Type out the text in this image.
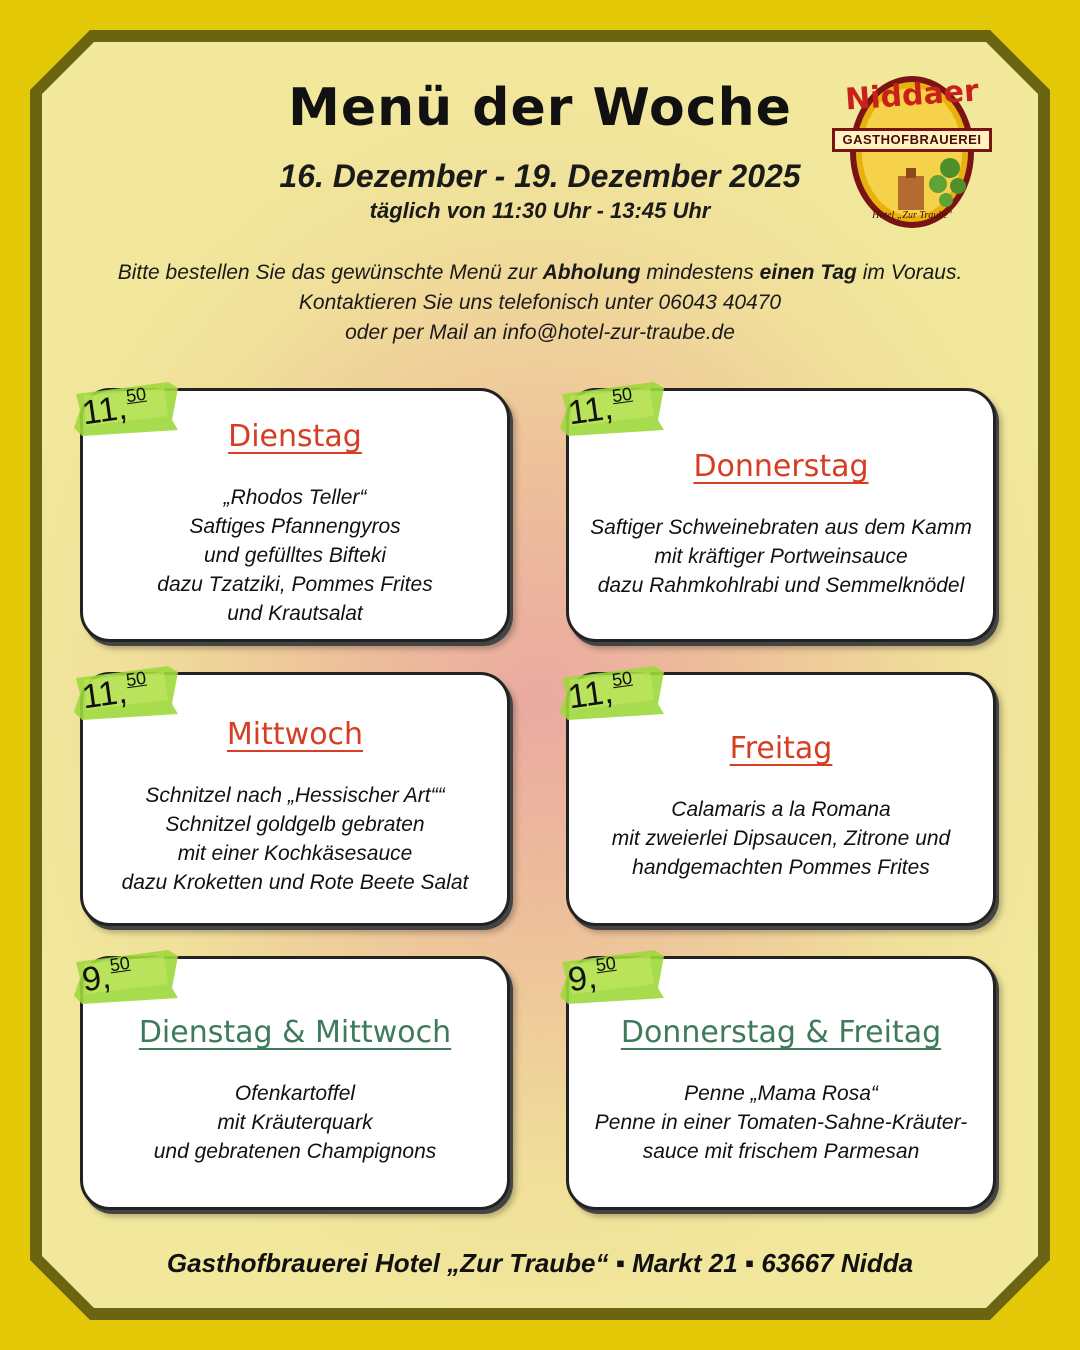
Menü der Woche
16. Dezember - 19. Dezember 2025
täglich von 11:30 Uhr - 13:45 Uhr
Bitte bestellen Sie das gewünschte Menü zur Abholung mindestens einen Tag im Voraus.
Kontaktieren Sie uns telefonisch unter 06043 40470
oder per Mail an info@hotel-zur-traube.de
Niddaer
GASTHOFBRAUEREI
Hotel „Zur Traube"
Dienstag
„Rhodos Teller“
Saftiges Pfannengyros
und gefülltes Bifteki
dazu Tzatziki, Pommes Frites
und Krautsalat
11,50
Donnerstag
Saftiger Schweinebraten aus dem Kamm
mit kräftiger Portweinsauce
dazu Rahmkohlrabi und Semmelknödel
11,50
Mittwoch
Schnitzel nach „Hessischer Art““
Schnitzel goldgelb gebraten
mit einer Kochkäsesauce
dazu Kroketten und Rote Beete Salat
11,50
Freitag
Calamaris a la Romana
mit zweierlei Dipsaucen, Zitrone und
handgemachten Pommes Frites
11,50
Dienstag & Mittwoch
Ofenkartoffel
mit Kräuterquark
und gebratenen Champignons
9,50
Donnerstag & Freitag
Penne „Mama Rosa“
Penne in einer Tomaten-Sahne-Kräuter-
sauce mit frischem Parmesan
9,50
Gasthofbrauerei Hotel „Zur Traube“ ▪ Markt 21 ▪ 63667 Nidda
